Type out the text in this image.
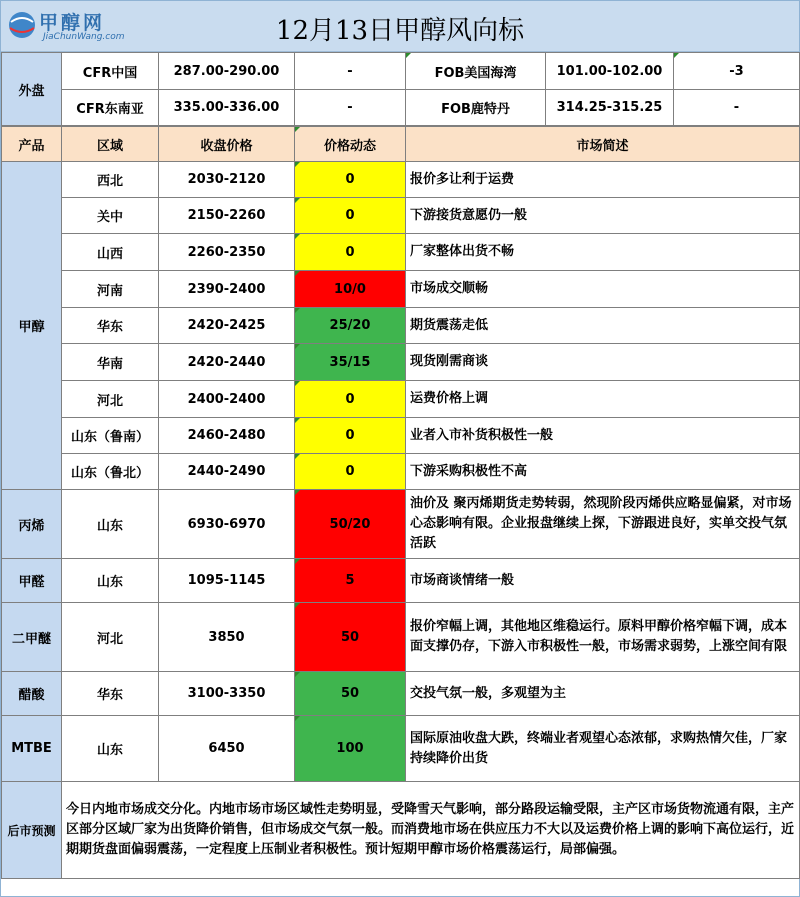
甲醇网
JiaChunWang.com	12月13日甲醇风向标
外盘	CFR中国	287.00-290.00	-	FOB美国海湾	101.00-102.00	-3
	CFR东南亚	335.00-336.00	-	FOB鹿特丹	314.25-315.25	-
产品	区域	收盘价格	价格动态	市场简述
甲醇	西北	2030-2120	0	报价多让利于运费
	关中	2150-2260	0	下游接货意愿仍一般
	山西	2260-2350	0	厂家整体出货不畅
	河南	2390-2400	10/0	市场成交顺畅
	华东	2420-2425	25/20	期货震荡走低
	华南	2420-2440	35/15	现货刚需商谈
	河北	2400-2400	0	运费价格上调
	山东（鲁南）	2460-2480	0	业者入市补货积极性一般
	山东（鲁北）	2440-2490	0	下游采购积极性不高
丙烯	山东	6930-6970	50/20	油价及 聚丙烯期货走势转弱，然现阶段丙烯供应略显偏紧，对市场心态影响有限。企业报盘继续上探，下游跟进良好，实单交投气氛活跃
甲醛	山东	1095-1145	5	市场商谈情绪一般
二甲醚	河北	3850	50	报价窄幅上调，其他地区维稳运行。原料甲醇价格窄幅下调，成本面支撑仍存，下游入市积极性一般，市场需求弱势，上涨空间有限
醋酸	华东	3100-3350	50	交投气氛一般，多观望为主
MTBE	山东	6450	100	国际原油收盘大跌，终端业者观望心态浓郁，求购热情欠佳，厂家持续降价出货
后市预测	今日内地市场成交分化。内地市场市场区域性走势明显，受降雪天气影响，部分路段运输受限，主产区市场货物流通有限，主产区部分区域厂家为出货降价销售，但市场成交气氛一般。而消费地市场在供应压力不大以及运费价格上调的影响下高位运行，近期期货盘面偏弱震荡，一定程度上压制业者积极性。预计短期甲醇市场价格震荡运行，局部偏强。			
